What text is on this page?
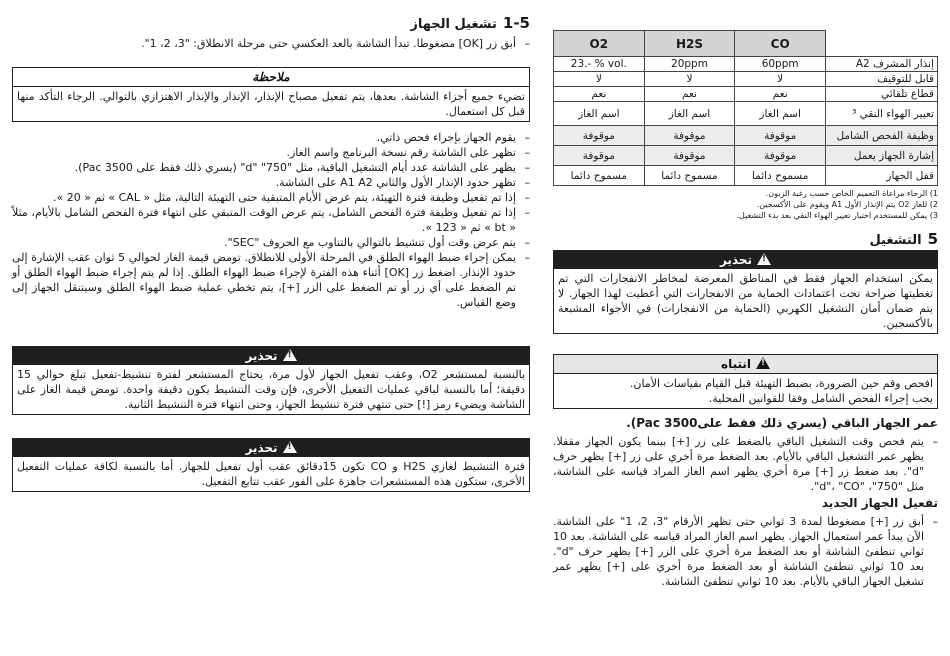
1-5تشغيل الجهاز
– أبق زر [OK] مضغوطا. تبدأ الشاشة بالعد العكسي حتى مرحلة الانطلاق: "3، 2، 1".
ملاحظة
تضيء جميع أجزاء الشاشة. بعدها، يتم تفعيل مصباح الإنذار، الإنذار والإنذار الاهتزازي بالتوالي. الرجاء التأكد منها قبل كل استعمال.
– يقوم الجهاز بإجراء فحص ذاتي.
– تظهر على الشاشة رقم نسخة البرنامج واسم الغاز.
– يظهر على الشاشة عدد أيام التشغيل الباقية، مثل "750" "d" (يسري ذلك فقط على Pac 3500).
– تظهر حدود الإنذار الأول والثاني A1 A2 على الشاشة.
– إذا تم تفعيل وظيفة فترة التهيئة، يتم عرض الأيام المتبقية حتى التهيئة التالية، مثل « CAL » ثم « 20 ».
– إذا تم تفعيل وظيفة فترة الفحص الشامل، يتم عرض الوقت المتبقي على انتهاء فترة الفحص الشامل بالأيام، مثلاً « bt » ثم « 123 ».
– يتم عرض وقت أول تنشيط بالتوالي بالتناوب مع الحروف "SEC".
– يمكن إجراء ضبط الهواء الطلق في المرحلة الأولى للانطلاق. تومض قيمة الغاز لحوالي 5 ثوان عقب الإشارة إلى حدود الإنذار. اضغط زر [OK] أثناء هذه الفترة لإجراء ضبط الهواء الطلق. إذا لم يتم إجراء ضبط الهواء الطلق أو تم الضغط على أي زر أو تم الضغط على الزر [+]، يتم تخطي عملية ضبط الهواء الطلق وسيتنقل الجهاز إلى وضع القياس.
!تحذير
بالنسبة لمستشعر O2، وعقب تفعيل الجهاز لأول مرة، يحتاج المستشعر لفترة تنشيط-تفعيل تبلغ حوالي 15 دقيقة؛ أما بالنسبة لباقي عمليات التفعيل الأخرى، فإن وقت التنشيط يكون دقيقة واحدة. تومض قيمة الغاز على الشاشة ويضيء رمز [!] حتى تنتهي فترة تنشيط الجهاز، وحتى انتهاء فترة التنشيط الثانية.
!تحذير
فترة التنشيط لغازي H2S و CO تكون 15دقائق عقب أول تفعيل للجهاز. أما بالنسبة لكافة عمليات التفعيل الأخرى، ستكون هذه المستشعرات جاهزة على الفور عقب تتابع التفعيل.
O2	H2S	CO	
23.- % vol.	20ppm	60ppm	إنذار المشرف A2
لا	لا	لا	قابل للتوقيف
نعم	نعم	نعم	قطاع تلقائي
اسم الغاز	اسم الغاز	اسم الغاز	تعيير الهواء النقي ³
موقوفة	موقوفة	موقوفة	وظيفة الفحص الشامل
موقوفة	موقوفة	موقوفة	إشارة الجهاز يعمل
مسموح دائما	مسموح دائما	مسموح دائما	قفل الجهاز
1) الرجاء مراعاة التعميم الخاص حسب رغبة الزبون.
2) للغاز O2 يتم الإنذار الأول A1 ويقوم على الأكسجين.
3) يمكن للمستخدم اختيار تعيير الهواء النقي بعد بدء التشغيل.
5التشغيل
!تحذير
يمكن استخدام الجهاز فقط في المناطق المعرضة لمخاطر الانفجارات التي تم تغطيتها صراحة تحت اعتمادات الحماية من الانفجارات التي أعطيت لهذا الجهاز. لا يتم ضمان أمان التشغيل الكهربي (الحماية من الانفجارات) في الأجواء المشبعة بالأكسجين.
!انتباه
افحص وقم حين الضرورة، بضبط التهيئة قبل القيام بقياسات الأمان.
يجب إجراء الفحص الشامل وفقا للقوانين المحلية.
عمر الجهاز الباقي (يسري ذلك فقط علىPac 3500).
– يتم فحص وقت التشغيل الباقي بالضغط على زر [+] بينما يكون الجهاز مقفلا. يظهر عمر التشغيل الباقي بالأيام. بعد الضغط مرة أخري على زر [+] يظهر حرف "d". بعد ضغط زر [+] مرة أخري يظهر اسم الغاز المراد قياسه على الشاشة، مثل "750"، "d"، "CO".
تفعيل الجهاز الجديد
– أبق زر [+] مضغوطا لمدة 3 ثواني حتى تظهر الأرقام "3، 2، 1" على الشاشة. الآن يبدأ عمر استعمال الجهاز. يظهر اسم الغاز المراد قياسه على الشاشة. بعد 10 ثواني تنطفئ الشاشة أو بعد الضغط مرة أخري على الزر [+] يظهر حرف "d". بعد 10 ثواني تنطفئ الشاشة أو بعد الضغط مرة أخري على [+] يظهر عمر تشغيل الجهاز الباقي بالأيام. بعد 10 ثواني تنطفئ الشاشة.
